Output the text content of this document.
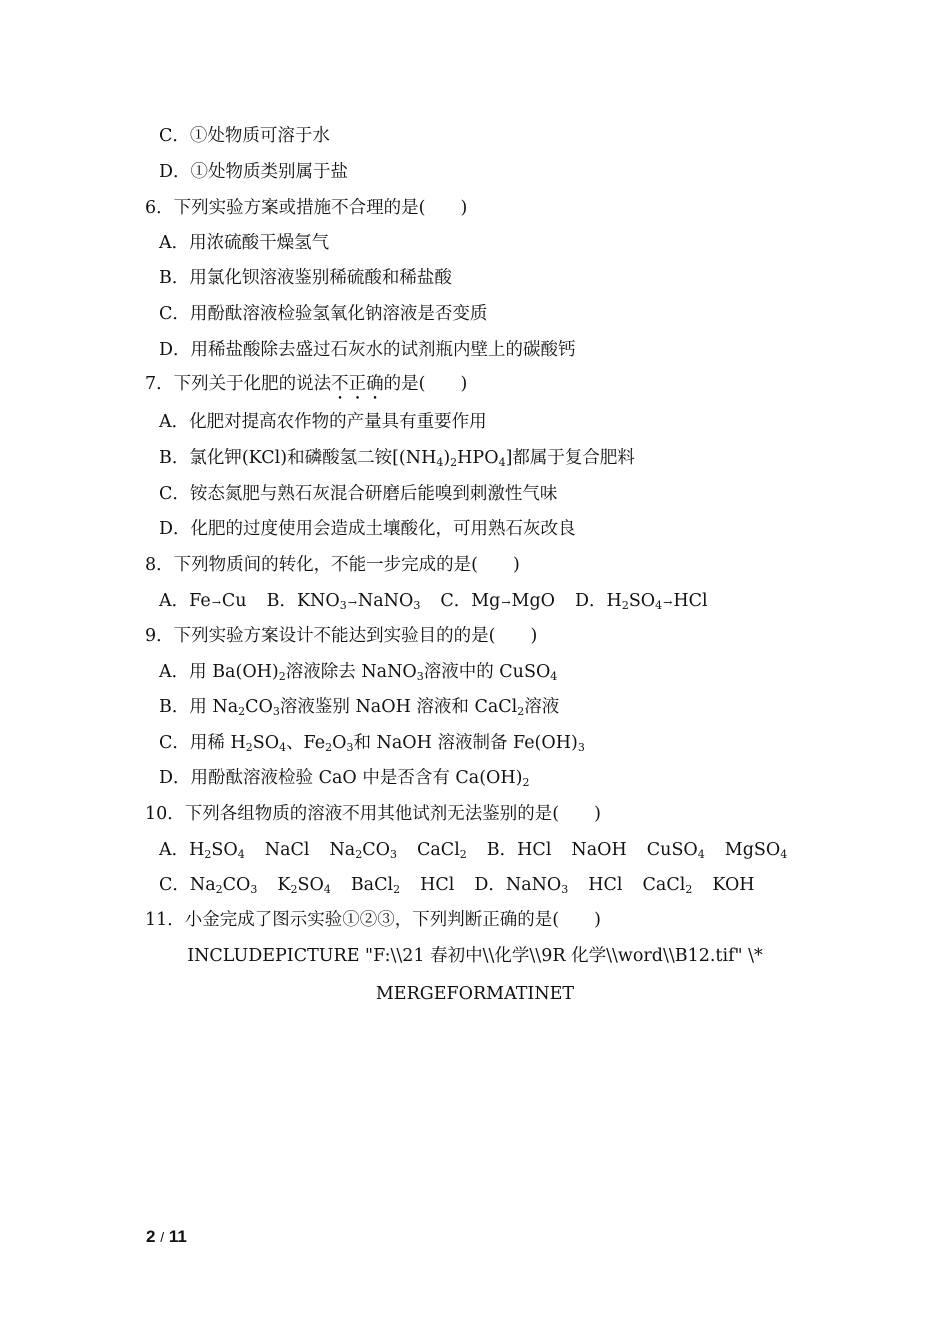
C．①处物质可溶于水
D．①处物质类别属于盐
6．下列实验方案或措施不合理的是(　　)
A．用浓硫酸干燥氢气
B．用氯化钡溶液鉴别稀硫酸和稀盐酸
C．用酚酞溶液检验氢氧化钠溶液是否变质
D．用稀盐酸除去盛过石灰水的试剂瓶内壁上的碳酸钙
7．下列关于化肥的说法不正确的是(　　)
A．化肥对提高农作物的产量具有重要作用
B．氯化钾(KCl)和磷酸氢二铵$[(NH_4)_2HPO_4]$都属于复合肥料
C．铵态氮肥与熟石灰混合研磨后能嗅到刺激性气味
D．化肥的过度使用会造成土壤酸化，可用熟石灰改良
8．下列物质间的转化，不能一步完成的是(　　)
A．Fe→Cu B．$KNO_3\to NaNO_3$ C．Mg→MgO D．$H_2SO_4\to HCl$
9．下列实验方案设计不能达到实验目的的是(　　)
A．用 $Ba(OH)_2$溶液除去 NaNO$_3$溶液中的 CuSO$_4$
B．用 $Na_2CO_3$溶液鉴别 NaOH 溶液和 CaCl$_2$溶液
C．用稀 $H_2SO_4$、$Fe_2O_3$和 NaOH 溶液制备 $Fe(OH)_3$
D．用酚酞溶液检验 CaO 中是否含有 $Ca(OH)_2$
10．下列各组物质的溶液不用其他试剂无法鉴别的是(　　)
A．$H_2SO_4$ NaCl $Na_2CO_3$ CaCl$_2$ B．HCl NaOH CuSO$_4$ MgSO$_4$
C．$Na_2CO_3$ $K_2SO_4$ BaCl$_2$ HCl D．NaNO$_3$ HCl CaCl$_2$ KOH
11．小金完成了图示实验①②③，下列判断正确的是(　　)
INCLUDEPICTURE "F:\\21 春初中\\化学\\9R 化学\\word\\B12.tif" \*
MERGEFORMATINET
2 / 11
